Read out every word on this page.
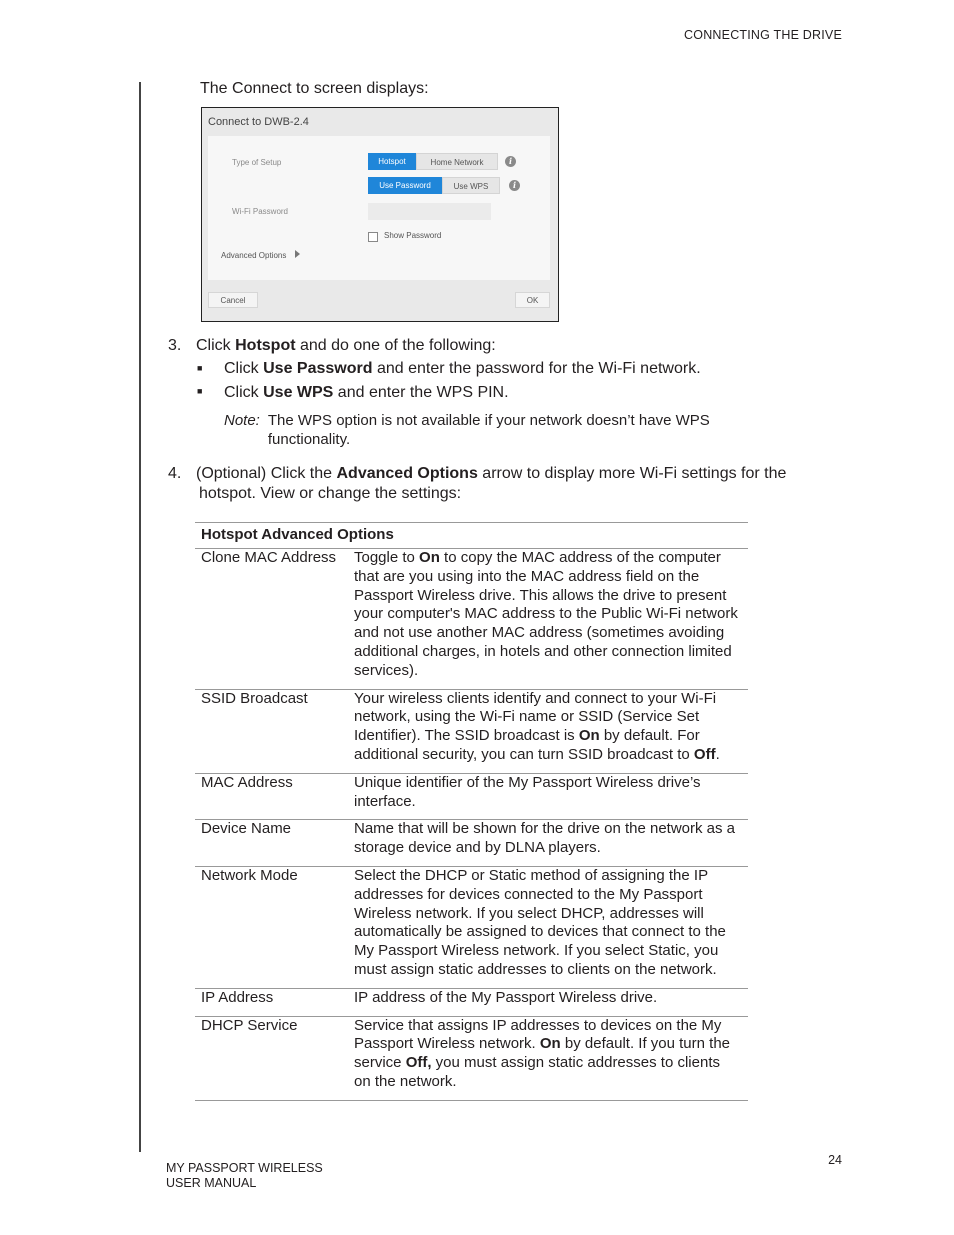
CONNECTING THE DRIVE
The Connect to screen displays:
Connect to DWB-2.4
Type of Setup	Hotspot	Home Network	i
Use Password	Use WPS	i
Wi-Fi Password
Show Password
Advanced Options
Cancel	OK
3. Click Hotspot and do one of the following:
■ Click Use Password and enter the password for the Wi-Fi network.
■ Click Use WPS and enter the WPS PIN.
Note: The WPS option is not available if your network doesn’t have WPS functionality.
4. (Optional) Click the Advanced Options arrow to display more Wi-Fi settings for the
hotspot. View or change the settings:
Hotspot Advanced Options
Clone MAC Address	Toggle to On to copy the MAC address of the computer that are you using into the MAC address field on the Passport Wireless drive. This allows the drive to present your computer's MAC address to the Public Wi-Fi network and not use another MAC address (sometimes avoiding additional charges, in hotels and other connection limited services).
SSID Broadcast	Your wireless clients identify and connect to your Wi-Fi network, using the Wi-Fi name or SSID (Service Set Identifier). The SSID broadcast is On by default. For additional security, you can turn SSID broadcast to Off.
MAC Address	Unique identifier of the My Passport Wireless drive’s interface.
Device Name	Name that will be shown for the drive on the network as a storage device and by DLNA players.
Network Mode	Select the DHCP or Static method of assigning the IP addresses for devices connected to the My Passport Wireless network. If you select DHCP, addresses will automatically be assigned to devices that connect to the My Passport Wireless network. If you select Static, you must assign static addresses to clients on the network.
IP Address	IP address of the My Passport Wireless drive.
DHCP Service	Service that assigns IP addresses to devices on the My Passport Wireless network. On by default. If you turn the service Off, you must assign static addresses to clients on the network.
MY PASSPORT WIRELESS
USER MANUAL
24
